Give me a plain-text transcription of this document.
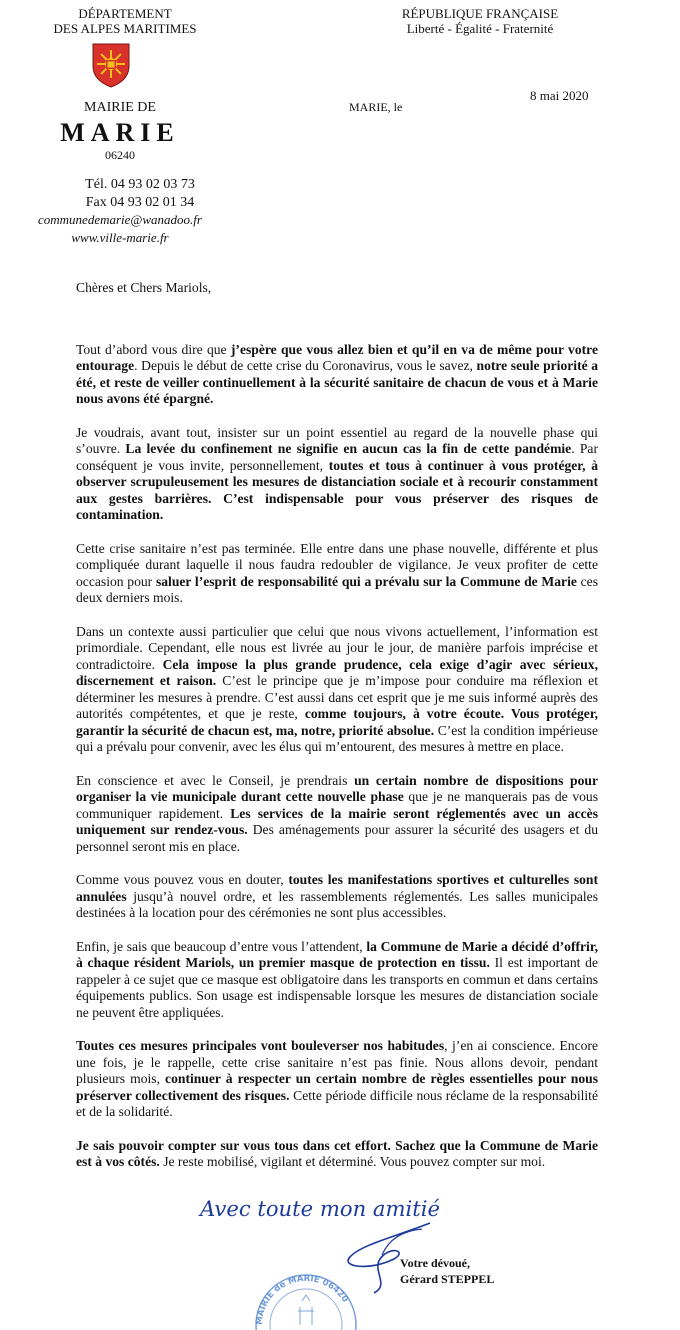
DÉPARTEMENT
DES ALPES MARITIMES
MAIRIE DE
MARIE
06240
Tél. 04 93 02 03 73
Fax 04 93 02 01 34
communedemarie@wanadoo.fr
www.ville-marie.fr
RÉPUBLIQUE FRANÇAISE
Liberté - Égalité - Fraternité
8 mai 2020
MARIE, le

Chères et Chers Mariols,

Tout d’abord vous dire que j’espère que vous allez bien et qu’il en va de même pour votre entourage. Depuis le début de cette crise du Coronavirus, vous le savez, notre seule priorité a été, et reste de veiller continuellement à la sécurité sanitaire de chacun de vous et à Marie nous avons été épargné.

Je voudrais, avant tout, insister sur un point essentiel au regard de la nouvelle phase qui s’ouvre. La levée du confinement ne signifie en aucun cas la fin de cette pandémie. Par conséquent je vous invite, personnellement, toutes et tous à continuer à vous protéger, à observer scrupuleusement les mesures de distanciation sociale et à recourir constamment aux gestes barrières. C’est indispensable pour vous préserver des risques de contamination.

Cette crise sanitaire n’est pas terminée. Elle entre dans une phase nouvelle, différente et plus compliquée durant laquelle il nous faudra redoubler de vigilance. Je veux profiter de cette occasion pour saluer l’esprit de responsabilité qui a prévalu sur la Commune de Marie ces deux derniers mois.

Dans un contexte aussi particulier que celui que nous vivons actuellement, l’information est primordiale. Cependant, elle nous est livrée au jour le jour, de manière parfois imprécise et contradictoire. Cela impose la plus grande prudence, cela exige d’agir avec sérieux, discernement et raison. C’est le principe que je m’impose pour conduire ma réflexion et déterminer les mesures à prendre. C’est aussi dans cet esprit que je me suis informé auprès des autorités compétentes, et que je reste, comme toujours, à votre écoute. Vous protéger, garantir la sécurité de chacun est, ma, notre, priorité absolue. C’est la condition impérieuse qui a prévalu pour convenir, avec les élus qui m’entourent, des mesures à mettre en place.

En conscience et avec le Conseil, je prendrais un certain nombre de dispositions pour organiser la vie municipale durant cette nouvelle phase que je ne manquerais pas de vous communiquer rapidement. Les services de la mairie seront réglementés avec un accès uniquement sur rendez-vous. Des aménagements pour assurer la sécurité des usagers et du personnel seront mis en place.

Comme vous pouvez vous en douter, toutes les manifestations sportives et culturelles sont annulées jusqu’à nouvel ordre, et les rassemblements réglementés. Les salles municipales destinées à la location pour des cérémonies ne sont plus accessibles.

Enfin, je sais que beaucoup d’entre vous l’attendent, la Commune de Marie a décidé d’offrir, à chaque résident Mariols, un premier masque de protection en tissu. Il est important de rappeler à ce sujet que ce masque est obligatoire dans les transports en commun et dans certains équipements publics. Son usage est indispensable lorsque les mesures de distanciation sociale ne peuvent être appliquées.

Toutes ces mesures principales vont bouleverser nos habitudes, j’en ai conscience. Encore une fois, je le rappelle, cette crise sanitaire n’est pas finie. Nous allons devoir, pendant plusieurs mois, continuer à respecter un certain nombre de règles essentielles pour nous préserver collectivement des risques. Cette période difficile nous réclame de la responsabilité et de la solidarité.

Je sais pouvoir compter sur vous tous dans cet effort. Sachez que la Commune de Marie est à vos côtés. Je reste mobilisé, vigilant et déterminé. Vous pouvez compter sur moi.

Avec toute mon amitié
MAIRIE de MARIE 06420
Votre dévoué,
Gérard STEPPEL
